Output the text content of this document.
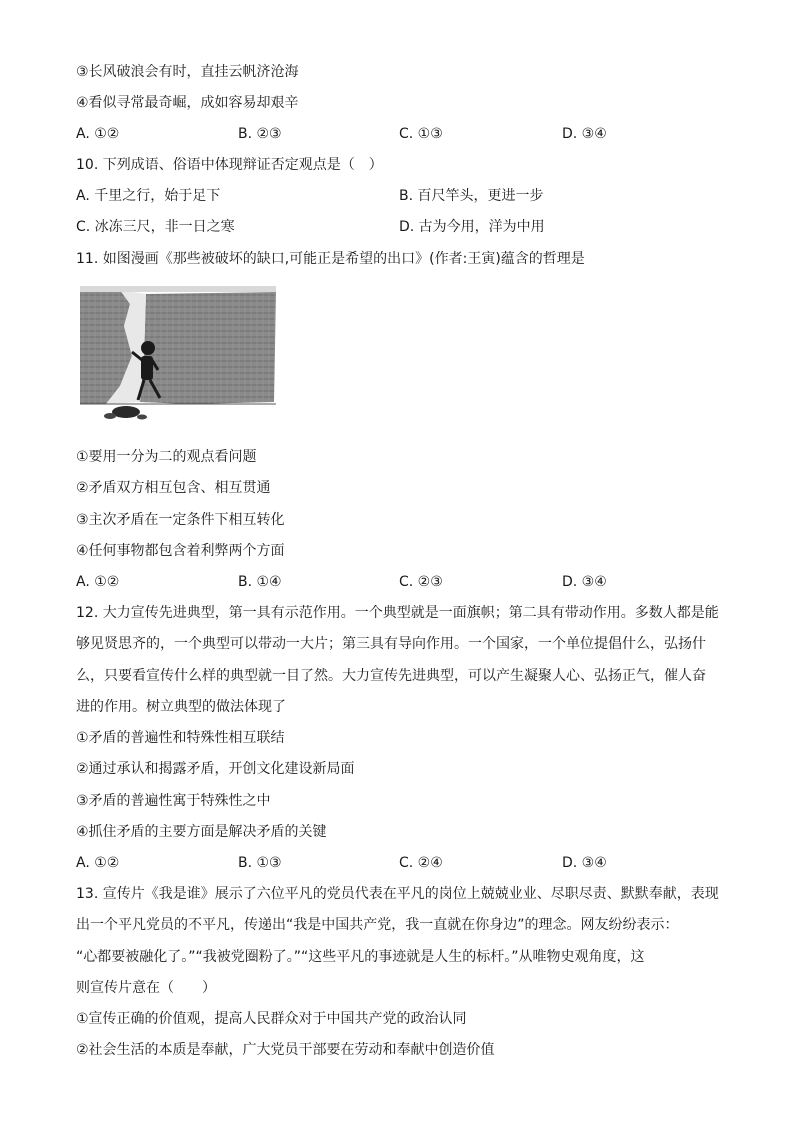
③长风破浪会有时，直挂云帆济沧海
④看似寻常最奇崛，成如容易却艰辛
A. ①②	B. ②③	C. ①③	D. ③④
10. 下列成语、俗语中体现辩证否定观点是（　）
A. 千里之行，始于足下	B. 百尺竿头，更进一步
C. 冰冻三尺，非一日之寒	D. 古为今用，洋为中用
11. 如图漫画《那些被破坏的缺口,可能正是希望的出口》(作者:王寅)蕴含的哲理是
①要用一分为二的观点看问题
②矛盾双方相互包含、相互贯通
③主次矛盾在一定条件下相互转化
④任何事物都包含着利弊两个方面
A. ①②	B. ①④	C. ②③	D. ③④
12. 大力宣传先进典型，第一具有示范作用。一个典型就是一面旗帜；第二具有带动作用。多数人都是能
够见贤思齐的，一个典型可以带动一大片；第三具有导向作用。一个国家，一个单位提倡什么，弘扬什
么，只要看宣传什么样的典型就一目了然。大力宣传先进典型，可以产生凝聚人心、弘扬正气，催人奋
进的作用。树立典型的做法体现了
①矛盾的普遍性和特殊性相互联结
②通过承认和揭露矛盾，开创文化建设新局面
③矛盾的普遍性寓于特殊性之中
④抓住矛盾的主要方面是解决矛盾的关键
A. ①②	B. ①③	C. ②④	D. ③④
13. 宣传片《我是谁》展示了六位平凡的党员代表在平凡的岗位上兢兢业业、尽职尽责、默默奉献，表现
出一个平凡党员的不平凡，传递出“我是中国共产党，我一直就在你身边”的理念。网友纷纷表示：
“心都要被融化了。”“我被党圈粉了。”“这些平凡的事迹就是人生的标杆。”从唯物史观角度，这
则宣传片意在（　　）
①宣传正确的价值观，提高人民群众对于中国共产党的政治认同
②社会生活的本质是奉献，广大党员干部要在劳动和奉献中创造价值
